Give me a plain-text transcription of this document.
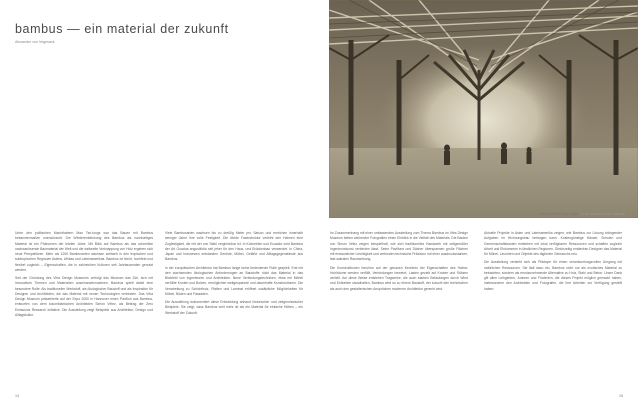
bambus — ein material der zukunft
Alexander von Vegesack

Unter den politischen Machthabern Mao Tse-tungs war das Bauen mit Bambus bekanntermaßen unerwünscht. Die Wiederentdeckung des Bambus als nachhaltiges Material ist ein Phänomen der letzten Jahre. Mit Blick auf Bambus als das schnellste nachwachsende Baumaterial der Welt und die weltweite Verknappung von Holz ergeben sich neue Perspektiven. Mehr als 1200 Bambusarten wachsen weltweit in den tropischen und subtropischen Regionen Asiens, Afrikas und Lateinamerikas. Bambus ist leicht, hochfest und flexibel zugleich – Eigenschaften, die in zahlreichen Kulturen seit Jahrtausenden genutzt werden.

Seit der Gründung des Vitra Design Museums verfolgt das Museum das Ziel, sich mit innovativen Themen und Materialien auseinanderzusetzen. Bambus spielt dabei eine besondere Rolle: Als traditioneller Werkstoff, als ökologischer Baustoff und als Inspiration für Designer und Architekten, die das Material mit neuen Technologien verbinden. Das Vitra Design Museum präsentierte auf der Expo 2000 in Hannover einen Pavillon aus Bambus, entworfen von dem kolumbianischen Architekten Simón Vélez, als Beitrag der Zero Emissions Research Initiative. Die Ausstellung zeigt Beispiele aus Architektur, Design und Alltagskultur.

Viele Bambusarten wachsen bis zu dreißig Meter pro Saison und erreichen innerhalb weniger Jahre ihre volle Festigkeit. Die dichte Faserstruktur verleiht den Halmen eine Zugfestigkeit, die mit der von Stahl vergleichbar ist. In Kolumbien und Ecuador wird Bambus der Art Guadua angustifolia seit jeher für den Haus- und Brückenbau verwendet. In China, Japan und Indonesien entstanden Gerüste, Möbel, Gefäße und Alltagsgegenstände aus Bambus.

In der europäischen Architektur hat Bambus lange keine bedeutende Rolle gespielt. Erst mit den wachsenden ökologischen Anforderungen an Baustoffe rückt das Material in das Blickfeld von Ingenieuren und Architekten. Neue Verbindungstechniken, etwa mit Mörtel verfüllte Knoten und Bolzen, ermöglichen weitgespannte und dauerhafte Konstruktionen. Die Verarbeitung zu Schichtholz, Platten und Laminat eröffnet zusätzliche Möglichkeiten für Möbel, Böden und Fassaden.

Die Ausstellung dokumentiert diese Entwicklung anhand historischer und zeitgenössischer Beispiele. Sie zeigt, dass Bambus weit mehr ist als ein Material für einfache Hütten – ein Werkstoff der Zukunft.

14
Gomez Chace Hous Length Credit: Alexandra von Vegesack

Im Zusammenhang mit einer umfassenden Ausstellung zum Thema Bambus im Vitra Design Museum bieten zahlreiche Fotografien einen Einblick in die Vielfalt des Materials. Die Bauten von Simón Vélez zeigen beispielhaft, wie sich traditionelles Handwerk mit zeitgemäßer Ingenieurskunst verbinden lässt. Seine Pavillons und Dächer überspannen große Flächen mit erstaunlicher Leichtigkeit und verbinden technische Präzision mit einer ausdrucksstarken, fast sakralen Raumwirkung.

Die Konstruktionen beruhen auf der genauen Kenntnis der Eigenschaften des Halms: Hohlräume werden verfüllt, Verbindungen bewehrt, Lasten gezielt auf Knoten und Stützen verteilt. Auf diese Weise entstehen Tragwerke, die auch starken Belastungen durch Wind und Erdbeben standhalten. Bambus wird so zu einem Baustoff, der sowohl den technischen als auch den gestalterischen Ansprüchen moderner Architektur gerecht wird.

Aktuelle Projekte in Asien und Lateinamerika zeigen, wie Bambus zur Lösung drängender Aufgaben im Wohnungsbau beitragen kann. Kostengünstige Häuser, Schulen und Gemeinschaftsbauten entstehen mit lokal verfügbaren Ressourcen und schaffen zugleich Arbeit und Einkommen in ländlichen Regionen. Gleichzeitig entdecken Designer das Material für Möbel, Leuchten und Objekte des täglichen Gebrauchs neu.

Die Ausstellung versteht sich als Plädoyer für einen verantwortungsvollen Umgang mit natürlichen Ressourcen. Sie lädt dazu ein, Bambus nicht nur als exotisches Material zu betrachten, sondern als ernstzunehmende Alternative zu Holz, Stahl und Beton. Unser Dank gilt allen Leihgebern, Autoren und Förderern, die dieses Projekt möglich gemacht haben, insbesondere den Architekten und Fotografen, die ihre Arbeiten zur Verfügung gestellt haben.

15
